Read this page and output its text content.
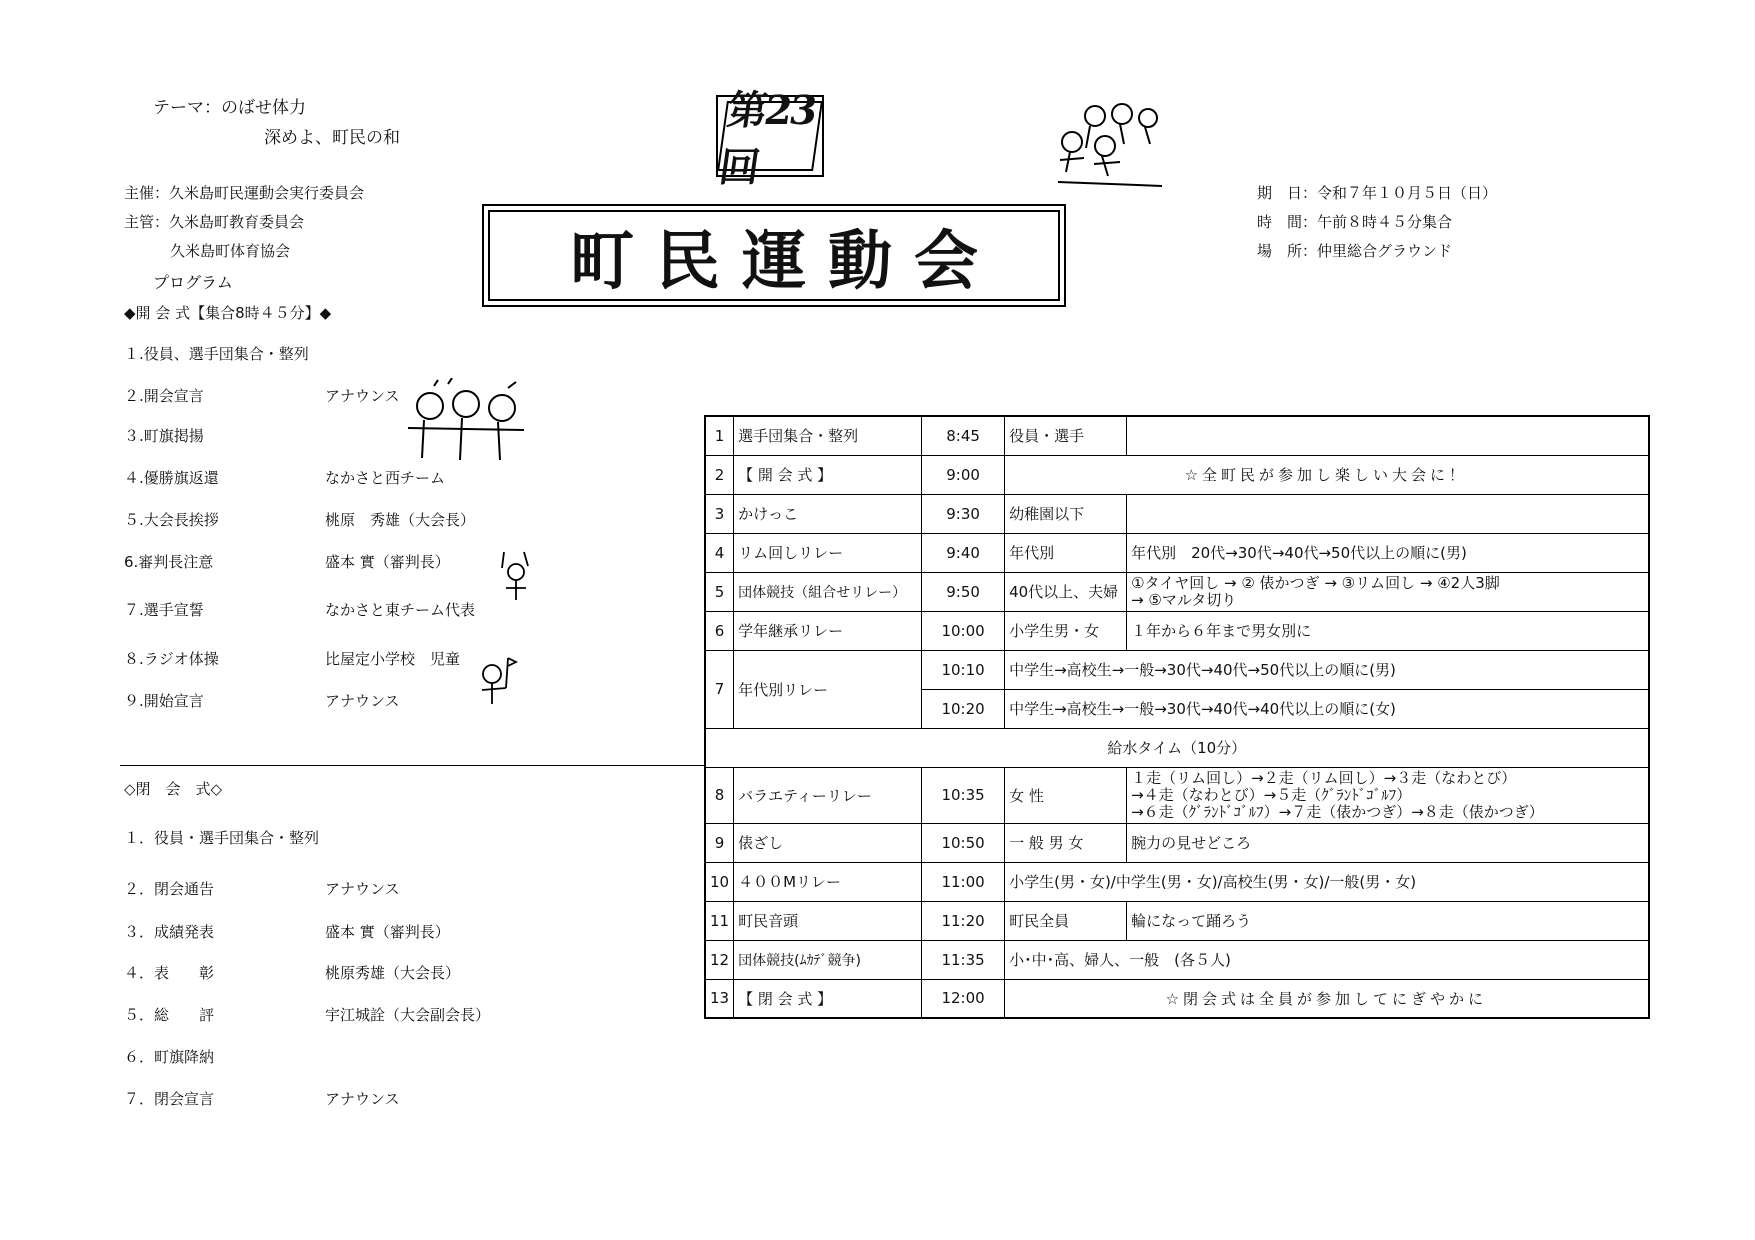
テーマ：のばせ体力
深めよ、町民の和
主催：久米島町民運動会実行委員会
主管：久米島町教育委員会
久米島町体育協会
プログラム
第23回
町民運動会
期　日：令和７年１０月５日（日）
時　間：午前８時４５分集合
場　所：仲里総合グラウンド
◆開 会 式【集合8時４５分】◆
１.役員、選手団集合・整列
２.開会宣言	アナウンス
３.町旗掲揚
４.優勝旗返還	なかさと西チーム
５.大会長挨拶	桃原　秀雄（大会長）
6.審判長注意	盛本 實（審判長）
７.選手宣誓	なかさと東チーム代表
８.ラジオ体操	比屋定小学校　児童
９.開始宣言	アナウンス
◇閉　会　式◇
１．役員・選手団集合・整列
２．閉会通告	アナウンス
３．成績発表	盛本 實（審判長）
４．表　　彰	桃原秀雄（大会長）
５．総　　評	宇江城詮（大会副会長）
６．町旗降納
７．閉会宣言	アナウンス
1	選手団集合・整列	8:45	役員・選手	
2	【 開 会 式 】	9:00	☆全町民が参加し楽しい大会に！	
3	かけっこ	9:30	幼稚園以下	
4	リム回しリレー	9:40	年代別	年代別　20代→30代→40代→50代以上の順に(男)
5	団体競技（組合せリレー）	9:50	40代以上、夫婦	①タイヤ回し → ② 俵かつぎ → ③リム回し → ④2人3脚
→ ⑤マルタ切り

6	学年継承リレー	10:00	小学生男・女	１年から６年まで男女別に
7	年代別リレー	10:10	中学生→高校生→一般→30代→40代→50代以上の順に(男)	
		10:20	中学生→高校生→一般→30代→40代→40代以上の順に(女)	
給水タイム（10分）				
8	バラエティーリレー	10:35	女 性	１走（リム回し）→２走（リム回し）→３走（なわとび）
→４走（なわとび）→５走（ｸﾞﾗﾝﾄﾞｺﾞﾙﾌ）
→６走（ｸﾞﾗﾝﾄﾞｺﾞﾙﾌ）→７走（俵かつぎ）→８走（俵かつぎ）

9	俵ざし	10:50	一 般 男 女	腕力の見せどころ
10	４００Mリレー	11:00	小学生(男・女)/中学生(男・女)/高校生(男・女)/一般(男・女)	
11	町民音頭	11:20	町民全員	輪になって踊ろう
12	団体競技(ﾑｶﾃﾞ競争)	11:35	小･中･高、婦人、一般　(各５人)	
13	【 閉 会 式 】	12:00	☆閉会式は全員が参加してにぎやかに	
